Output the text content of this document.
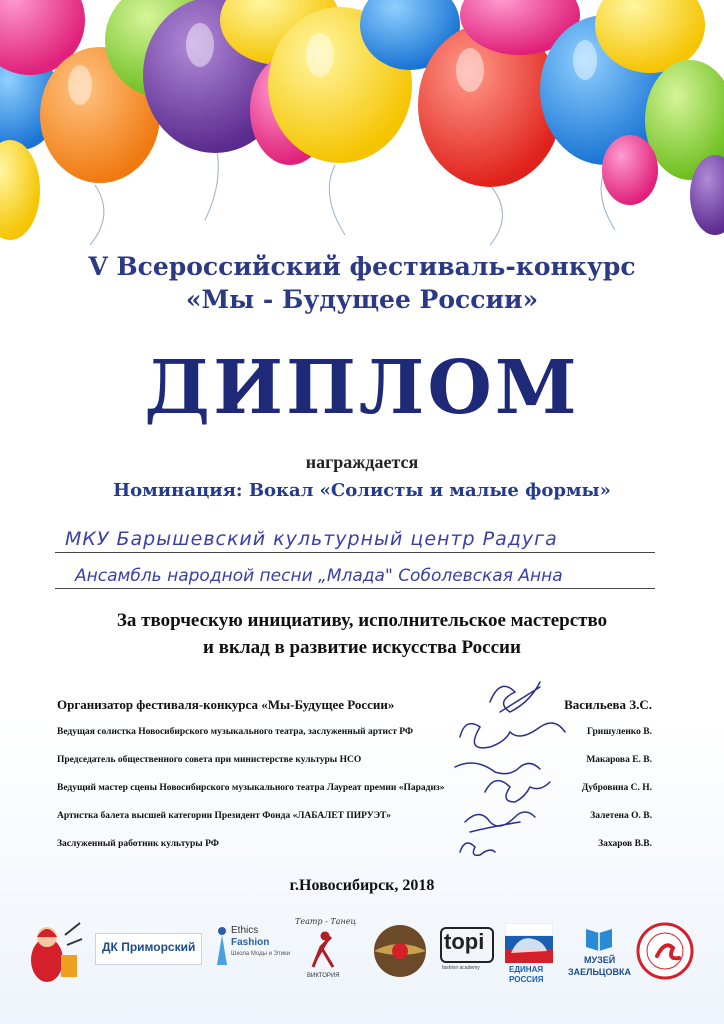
V Всероссийский фестиваль-конкурс
«Мы - Будущее России»
ДИПЛОМ
награждается
Номинация: Вокал «Солисты и малые формы»
МКУ Барышевский культурный центр Радуга
Ансамбль народной песни „Млада" Соболевская Анна
За творческую инициативу, исполнительское мастерство
и вклад в развитие искусства России
Организатор фестиваля-конкурса «Мы-Будущее России»	Васильева З.С.
Ведущая солистка Новосибирского музыкального театра, заслуженный артист РФ	Гришуленко В.
Председатель общественного совета при министерстве культуры НСО	Макарова Е. В.
Ведущий мастер сцены Новосибирского музыкального театра Лауреат премии «Парадиз»	Дубровина С. Н.
Артистка балета высшей категории Президент Фонда «ЛАБАЛЕТ ПИРУЭТ»	Залетена О. В.
Заслуженный работник культуры РФ	Захаров В.В.
г.Новосибирск, 2018
ДК Приморский
Ethics
Fashion
Школа Моды и Этики
Театр - Танец
ВИКТОРИЯ
topi
fashion academy	ЕДИНАЯ
РОССИЯ
МУЗЕЙ
ЗАЕЛЬЦОВКА
